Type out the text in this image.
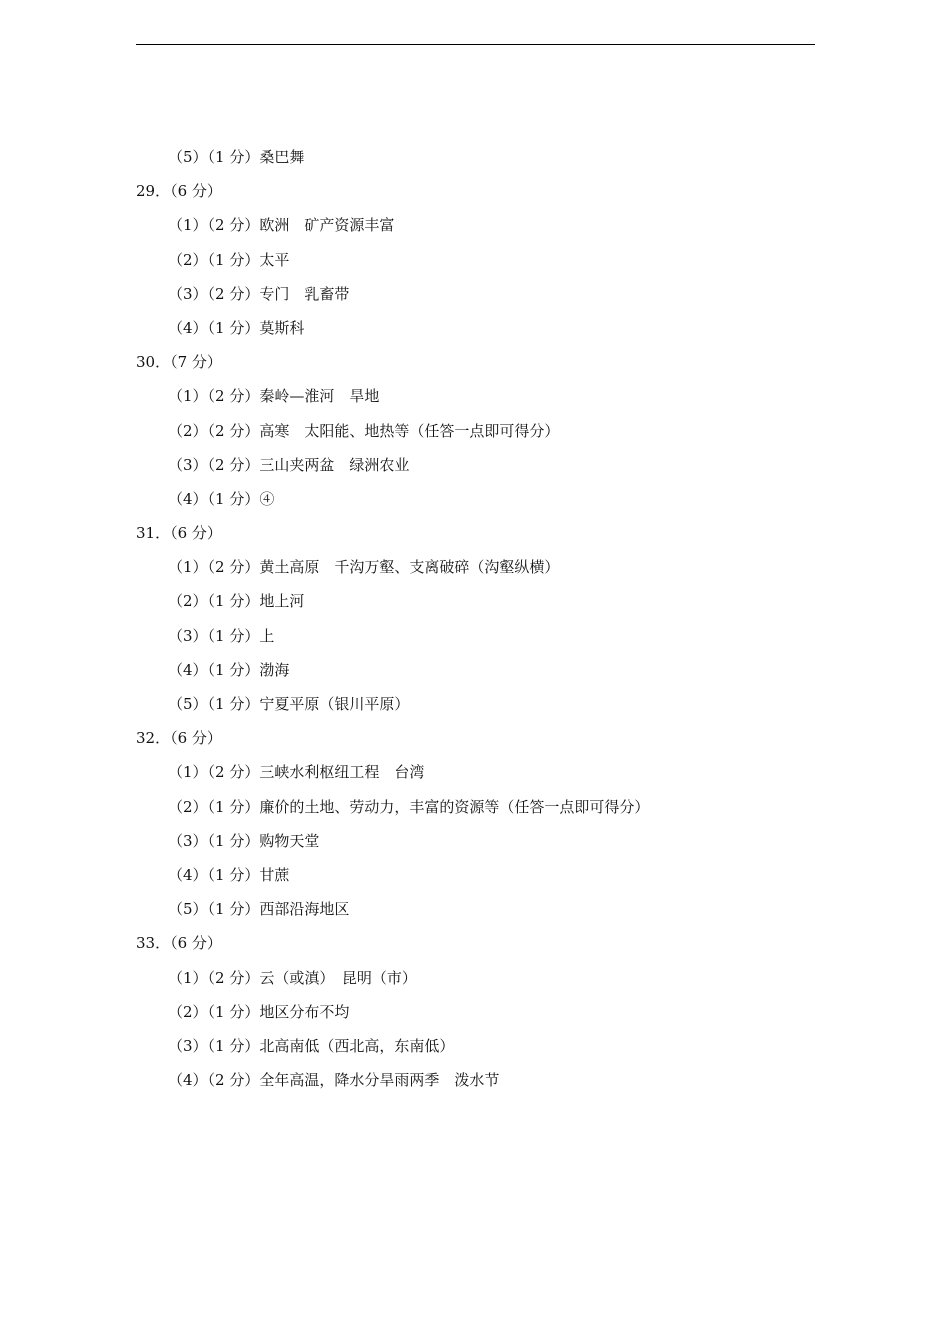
（5）（1 分）桑巴舞
29．（6 分）
（1）（2 分）欧洲　矿产资源丰富
（2）（1 分）太平
（3）（2 分）专门　乳畜带
（4）（1 分）莫斯科
30．（7 分）
（1）（2 分）秦岭—淮河　旱地
（2）（2 分）高寒　太阳能、地热等（任答一点即可得分）
（3）（2 分）三山夹两盆　绿洲农业
（4）（1 分）④
31．（6 分）
（1）（2 分）黄土高原　千沟万壑、支离破碎（沟壑纵横）
（2）（1 分）地上河
（3）（1 分）上
（4）（1 分）渤海
（5）（1 分）宁夏平原（银川平原）
32．（6 分）
（1）（2 分）三峡水利枢纽工程　台湾
（2）（1 分）廉价的土地、劳动力，丰富的资源等（任答一点即可得分）
（3）（1 分）购物天堂
（4）（1 分）甘蔗
（5）（1 分）西部沿海地区
33．（6 分）
（1）（2 分）云（或滇）　昆明（市）
（2）（1 分）地区分布不均
（3）（1 分）北高南低（西北高，东南低）
（4）（2 分）全年高温，降水分旱雨两季　泼水节
